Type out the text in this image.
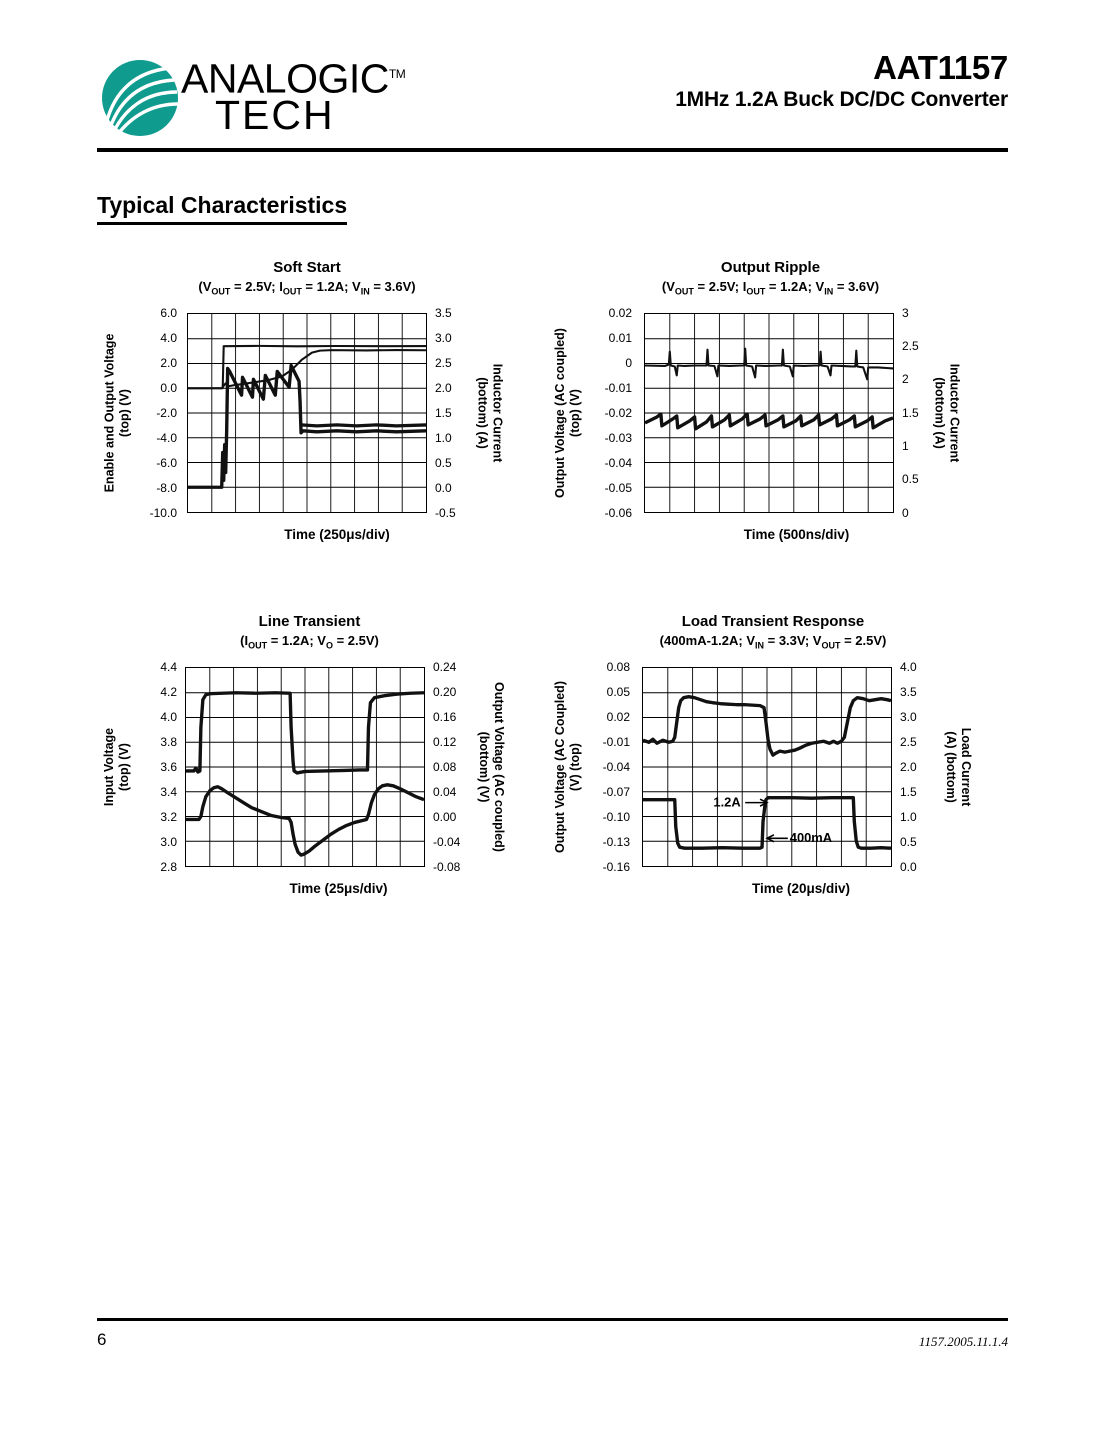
ANALOGIC™
TECH
AAT1157
1MHz 1.2A Buck DC/DC Converter
Typical Characteristics
Soft Start
($V_{OUT} = 2.5V$; $I_{OUT} = 1.2A$; $V_{IN} = 3.6V$)
Enable and Output Voltage (top) (V)
6.0
4.0
2.0
0.0
-2.0
-4.0
-6.0
-8.0
-10.0
3.5
3.0
2.5
2.0
1.5
1.0
0.5
0.0
-0.5
Inductor Current
(bottom) (A)
Time (250μs/div)
Output Ripple
($V_{OUT} = 2.5V$; $I_{OUT} = 1.2A$; $V_{IN} = 3.6V$)
Output Voltage (AC coupled) (top) (V)
0.02
0.01
0
-0.01
-0.02
-0.03
-0.04
-0.05
-0.06
3
2.5
2
1.5
1
0.5
0
Inductor Current
(bottom) (A)
Time (500ns/div)
Line Transient
($I_{OUT} = 1.2A$; $V_O = 2.5V$)
Input Voltage (top) (V)
4.4
4.2
4.0
3.8
3.6
3.4
3.2
3.0
2.8
0.24
0.20
0.16
0.12
0.08
0.04
0.00
-0.04
-0.08
Output Voltage (AC coupled)
(bottom) (V)
Time (25μs/div)
Load Transient Response
(400mA-1.2A; $V_{IN} = 3.3V$; $V_{OUT} = 2.5V$)
Output Voltage (AC Coupled) (V) (top)
0.08
0.05
0.02
-0.01
-0.04
-0.07
-0.10
-0.13
-0.16
1.2A
400mA
4.0
3.5
3.0
2.5
2.0
1.5
1.0
0.5
0.0
Load Current
(A) (bottom)
Time (20μs/div)
6	1157.2005.11.1.4
